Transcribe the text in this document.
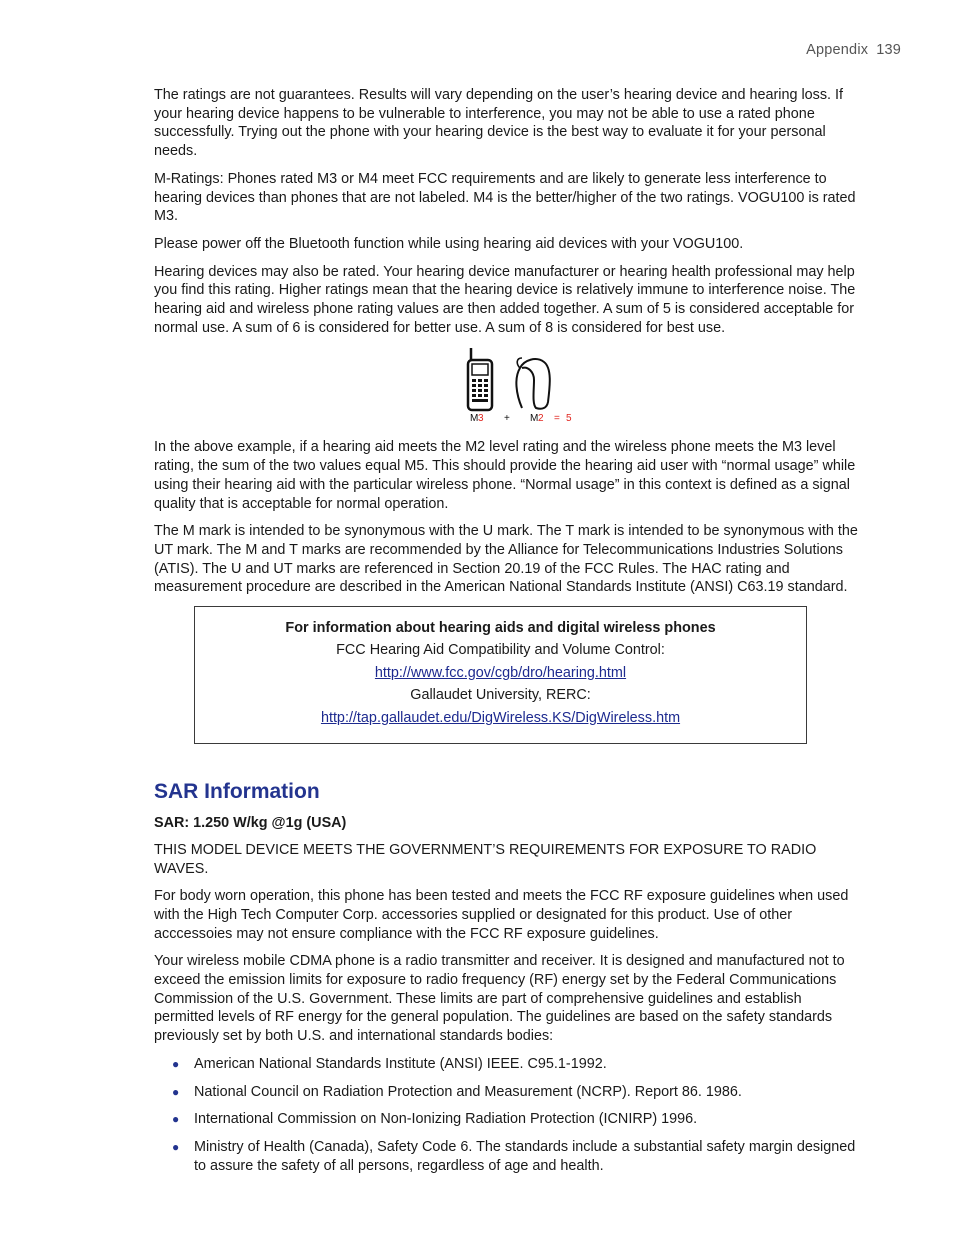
Appendix 139

The ratings are not guarantees. Results will vary depending on the user’s hearing device and hearing loss. If your hearing device happens to be vulnerable to interference, you may not be able to use a rated phone successfully. Trying out the phone with your hearing device is the best way to evaluate it for your personal needs.

M-Ratings: Phones rated M3 or M4 meet FCC requirements and are likely to generate less interference to hearing devices than phones that are not labeled. M4 is the better/higher of the two ratings. VOGU100 is rated M3.

Please power off the Bluetooth function while using hearing aid devices with your VOGU100.

Hearing devices may also be rated. Your hearing device manufacturer or hearing health professional may help you find this rating. Higher ratings mean that the hearing device is relatively immune to interference noise. The hearing aid and wireless phone rating values are then added together. A sum of 5 is considered acceptable for normal use. A sum of 6 is considered for better use. A sum of 8 is considered for best use.

M 3 + M 2 = 5

In the above example, if a hearing aid meets the M2 level rating and the wireless phone meets the M3 level rating, the sum of the two values equal M5. This should provide the hearing aid user with “normal usage” while using their hearing aid with the particular wireless phone. “Normal usage” in this context is defined as a signal quality that is acceptable for normal operation.

The M mark is intended to be synonymous with the U mark. The T mark is intended to be synonymous with the UT mark. The M and T marks are recommended by the Alliance for Telecommunications Industries Solutions (ATIS). The U and UT marks are referenced in Section 20.19 of the FCC Rules. The HAC rating and measurement procedure are described in the American National Standards Institute (ANSI) C63.19 standard.

For information about hearing aids and digital wireless phones
FCC Hearing Aid Compatibility and Volume Control:
http://www.fcc.gov/cgb/dro/hearing.html
Gallaudet University, RERC:
http://tap.gallaudet.edu/DigWireless.KS/DigWireless.htm
SAR Information

SAR: 1.250 W/kg @1g (USA)

THIS MODEL DEVICE MEETS THE GOVERNMENT’S REQUIREMENTS FOR EXPOSURE TO RADIO WAVES.

For body worn operation, this phone has been tested and meets the FCC RF exposure guidelines when used with the High Tech Computer Corp. accessories supplied or designated for this product. Use of other acccessoies may not ensure compliance with the FCC RF exposure guidelines.

Your wireless mobile CDMA phone is a radio transmitter and receiver. It is designed and manufactured not to exceed the emission limits for exposure to radio frequency (RF) energy set by the Federal Communications Commission of the U.S. Government. These limits are part of comprehensive guidelines and establish permitted levels of RF energy for the general population. The guidelines are based on the safety standards previously set by both U.S. and international standards bodies:

● American National Standards Institute (ANSI) IEEE. C95.1-1992.
● National Council on Radiation Protection and Measurement (NCRP). Report 86. 1986.
● International Commission on Non-Ionizing Radiation Protection (ICNIRP) 1996.
● Ministry of Health (Canada), Safety Code 6. The standards include a substantial safety margin designed to assure the safety of all persons, regardless of age and health.
